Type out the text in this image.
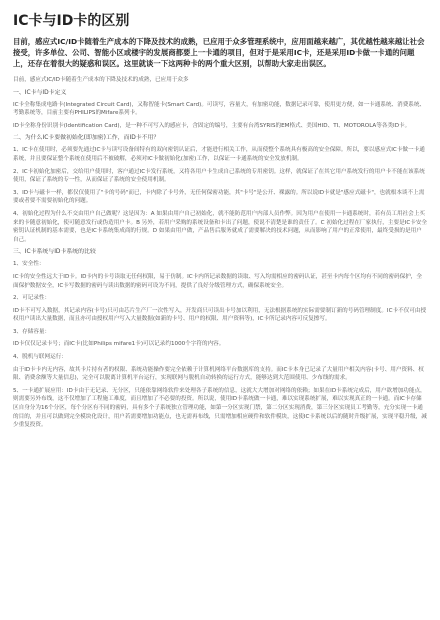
IC卡与ID卡的区别

目前，感应式IC/ID卡随着生产成本的下降及技术的成熟，已应用于众多管理系统中，应用面越来越广，其优越性越来越让社会接受，许多单位、公司、智能小区或楼宇的发展商都要上一卡通的项目，但对于是采用IC卡，还是采用ID卡做一卡通的问题上，还存在着很大的疑惑和误区。这里就谈一下这两种卡的两个重大区别，以帮助大家走出误区。

目前，感应式IC/ID卡随着生产成本的下降及技术的成熟，已应用于众多

一、IC卡与ID卡定义

IC卡全称集成电路卡(Integrated Circuit Card)，又称智能卡(Smart Card)。可读写，容量大，有加密功能，数据记录可靠，使用更方便，如一卡通系统、消费系统、考勤系统等，目前主要有PHILIPS的Mifare系列卡。

ID卡全称身份识别卡(Identification Card)，是一种不可写入的感应卡，含固定的编号，主要有台湾SYRIS的EM格式、美国HID、TI、MOTOROLA等各类ID卡。

二、为什么IC卡要做初始化(即加密)工作，而ID卡不用？

1、IC卡在使用时，必须要先通过IC卡与读写设备间特有的双向密钥认证后，才能进行相关工作，从而使整个系统具有极高的安全保障。所以，要以感应式IC卡做一卡通系统，并且要保证整个系统在使用后不被破解，必须对IC卡做初始化(加密)工作，以保证一卡通系统的安全发放机制。

2、IC卡初始化加密后，交给用户使用时，客户通过IC卡发行系统，又将各用户卡生成自己系统的专用密钥。这样，就保证了在其它用户系统发行的用户卡不能在该系统使用，保证了系统的专一性，从而保证了系统的安全使用机制。

3、ID卡与磁卡一样，都仅仅使用了"卡的号码"而已，卡内除了卡号外，无任何保密功能，其"卡号"是公开、裸露的。所以说ID卡就是"感应式磁卡"，也就根本谈不上需要或者要不需要初始化的问题。

4、初始化过程为什么不交由用户自己做呢？这是因为：A 如果由用户自己初始化，就不能防范用户内部人员作弊。因为用户在使用一卡通系统时，若有员工用社会上买来的卡随意初始化，使可随意发行或伪造用户卡。B 另外，若用户采购的系统设备和卡出了问题，使说不清楚是谁的责任了。C 初始化过程在厂家执行，主要是IC卡安全密钥认证机制的基本需要，也是IC卡系统集成商的行规。D 如果由用户做，产品售后服务就成了需要解决的技术问题，从而影响了用户的正常使用，最终受损的是用户自己。

三、IC卡系统与ID卡系统的比较

1、安全性：

IC卡的安全性远大于ID卡。ID卡内的卡号读取无任何权限，易于仿制。IC卡内所记录数据的读取、写入均需相应的密码认证，甚至卡内每个区均有不同的密码保护，全面保护数据安全，IC卡写数据的密码与读出数据的密码可设为不同，提供了良好分级管理方式，确保系统安全。

2、可记录性：

ID卡不可写入数据，其记录内容(卡号)只可由芯片生产厂一次性写入，开发商只可读出卡号加以利用，无法根据系统的实际需要制订新的号码管理制度。IC卡不仅可由授权用户读出大量数据，而且亦可由授权用户写入大量数据(如新的卡号、用户的权限、用户资料等)，IC卡所记录内容可反复擦写。

3、存储容量：

ID卡仅仅记录卡号；而IC卡(比如Philips mifare1卡)可以记录约1000个字符的内容。

4、脱机与联网运行：

由于ID卡卡内无内容，故其卡片持有者的权限、系统功能操作要完全依赖于计算机网络平台数据库的支持。而IC卡本身已记录了大量用户相关内容(卡号、用户资料、权限、消费余额等大量信息)，完全可以脱离计算机平台运行，实现联网与脱机自动转换的运行方式，能够达到大范围使用、少布线的需求。

5、一卡通扩展应用：ID卡由于无记录、无分区，只能依靠网络软件来处理各子系统的信息，这就大大增加对网络的依赖；如果在ID卡系统完成后，用户欲增加功能点，则需要另外布线，这不仅增加了工程施工难度，而且增加了不必要的投资。所以说，使用ID卡系统做一卡通，难以实现系统扩展，难以实现真正的一卡通。而IC卡存储区自身分为16个分区，每个分区有不同的密码，具有多个子系统独立管理功能，如第一分区实现门禁，第二分区实现消费，第三分区实现员工考勤等，充分实现一卡通的目的，并且可以做到完全模块化设计，用户若需要增加功能点，也无需再布线，只需增加相应硬件和软件模块，这使IC卡系统以后的随时升级扩展，实现平稳升级，减少重复投资。
